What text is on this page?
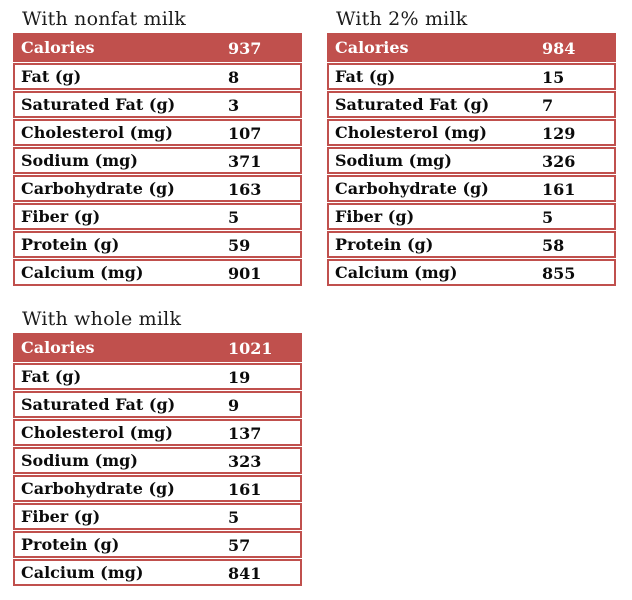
With nonfat milk
Calories	937
Fat (g)	8
Saturated Fat (g)	3
Cholesterol (mg)	107
Sodium (mg)	371
Carbohydrate (g)	163
Fiber (g)	5
Protein (g)	59
Calcium (mg)	901
With 2% milk
Calories	984
Fat (g)	15
Saturated Fat (g)	7
Cholesterol (mg)	129
Sodium (mg)	326
Carbohydrate (g)	161
Fiber (g)	5
Protein (g)	58
Calcium (mg)	855
With whole milk
Calories	1021
Fat (g)	19
Saturated Fat (g)	9
Cholesterol (mg)	137
Sodium (mg)	323
Carbohydrate (g)	161
Fiber (g)	5
Protein (g)	57
Calcium (mg)	841
